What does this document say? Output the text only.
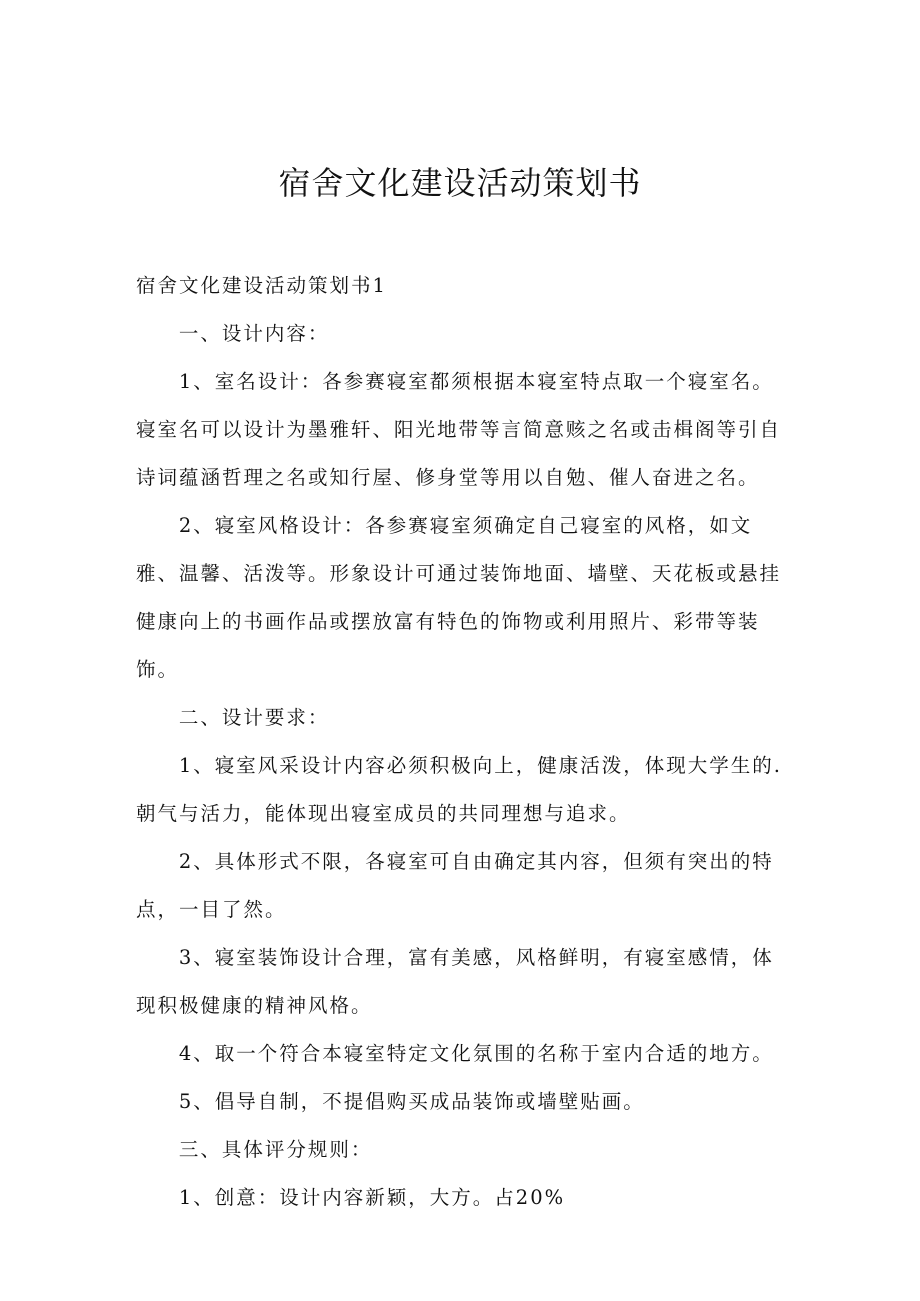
宿舍文化建设活动策划书

宿舍文化建设活动策划书1

一、设计内容：

1、室名设计：各参赛寝室都须根据本寝室特点取一个寝室名。寝室名可以设计为墨雅轩、阳光地带等言简意赅之名或击楫阁等引自诗词蕴涵哲理之名或知行屋、修身堂等用以自勉、催人奋进之名。

2、寝室风格设计：各参赛寝室须确定自己寝室的风格，如文雅、温馨、活泼等。形象设计可通过装饰地面、墙壁、天花板或悬挂健康向上的书画作品或摆放富有特色的饰物或利用照片、彩带等装饰。

二、设计要求：

1、寝室风采设计内容必须积极向上，健康活泼，体现大学生的.朝气与活力，能体现出寝室成员的共同理想与追求。

2、具体形式不限，各寝室可自由确定其内容，但须有突出的特点，一目了然。

3、寝室装饰设计合理，富有美感，风格鲜明，有寝室感情，体现积极健康的精神风格。

4、取一个符合本寝室特定文化氛围的名称于室内合适的地方。

5、倡导自制，不提倡购买成品装饰或墙壁贴画。

三、具体评分规则：

1、创意：设计内容新颖，大方。占20%
